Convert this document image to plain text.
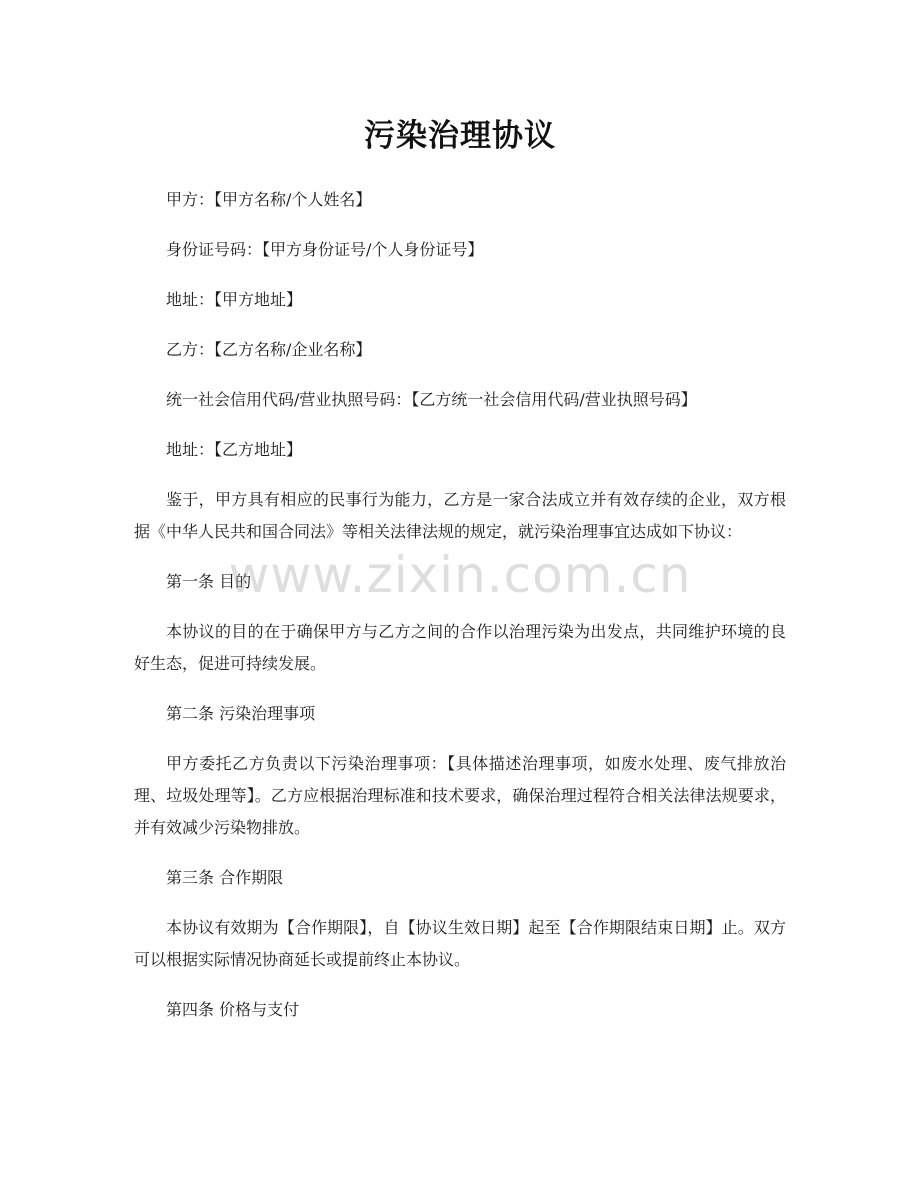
污染治理协议

甲方：【甲方名称/个人姓名】

身份证号码：【甲方身份证号/个人身份证号】

地址：【甲方地址】

乙方：【乙方名称/企业名称】

统一社会信用代码/营业执照号码：【乙方统一社会信用代码/营业执照号码】

地址：【乙方地址】

鉴于，甲方具有相应的民事行为能力，乙方是一家合法成立并有效存续的企业，双方根据《中华人民共和国合同法》等相关法律法规的规定，就污染治理事宜达成如下协议：

第一条 目的

本协议的目的在于确保甲方与乙方之间的合作以治理污染为出发点，共同维护环境的良好生态，促进可持续发展。

第二条 污染治理事项

甲方委托乙方负责以下污染治理事项：【具体描述治理事项，如废水处理、废气排放治理、垃圾处理等】。乙方应根据治理标准和技术要求，确保治理过程符合相关法律法规要求，并有效减少污染物排放。

第三条 合作期限

本协议有效期为【合作期限】，自【协议生效日期】起至【合作期限结束日期】止。双方可以根据实际情况协商延长或提前终止本协议。

第四条 价格与支付

www.zixin.com.cn
